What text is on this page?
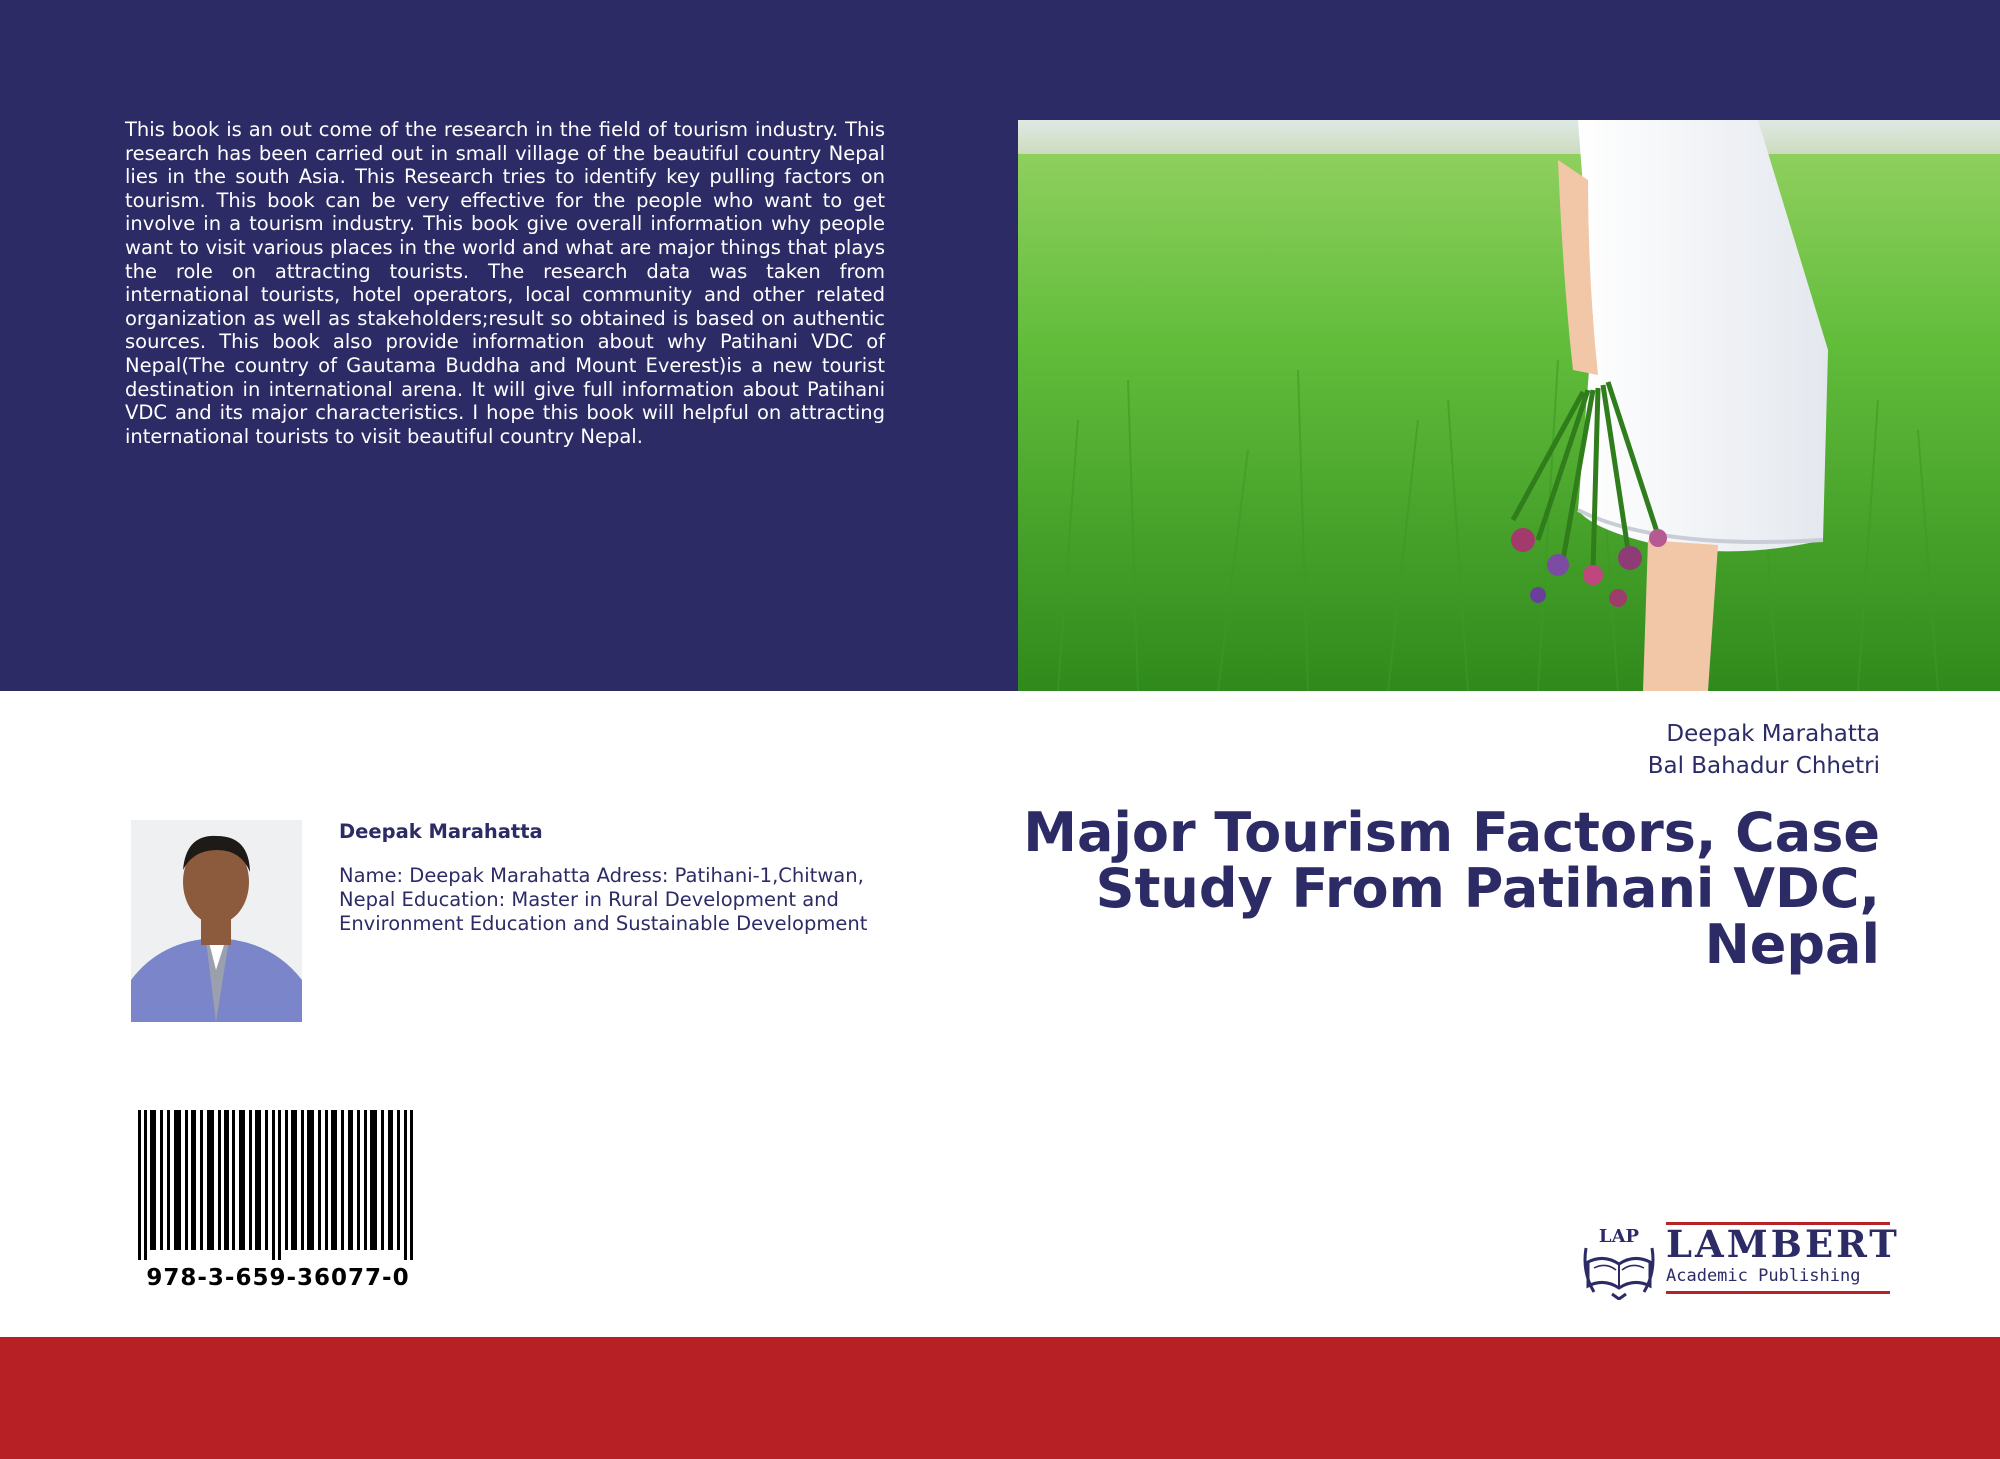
This book is an out come of the research in the field of tourism industry. This research has been carried out in small village of the beautiful country Nepal lies in the south Asia. This Research tries to identify key pulling factors on tourism. This book can be very effective for the people who want to get involve in a tourism industry. This book give overall information why people want to visit various places in the world and what are major things that plays the role on attracting tourists. The research data was taken from international tourists, hotel operators, local community and other related organization as well as stakeholders;result so obtained is based on authentic sources. This book also provide information about why Patihani VDC of Nepal(The country of Gautama Buddha and Mount Everest)is a new tourist destination in international arena. It will give full information about Patihani VDC and its major characteristics. I hope this book will helpful on attracting international tourists to visit beautiful country Nepal.
Deepak Marahatta
Bal Bahadur Chhetri
Major Tourism Factors, Case Study From Patihani VDC, Nepal
Deepak Marahatta
Name: Deepak Marahatta Adress: Patihani-1,Chitwan, Nepal Education: Master in Rural Development and Environment Education and Sustainable Development
978-3-659-36077-0
LAP LAMBERT
Academic Publishing
